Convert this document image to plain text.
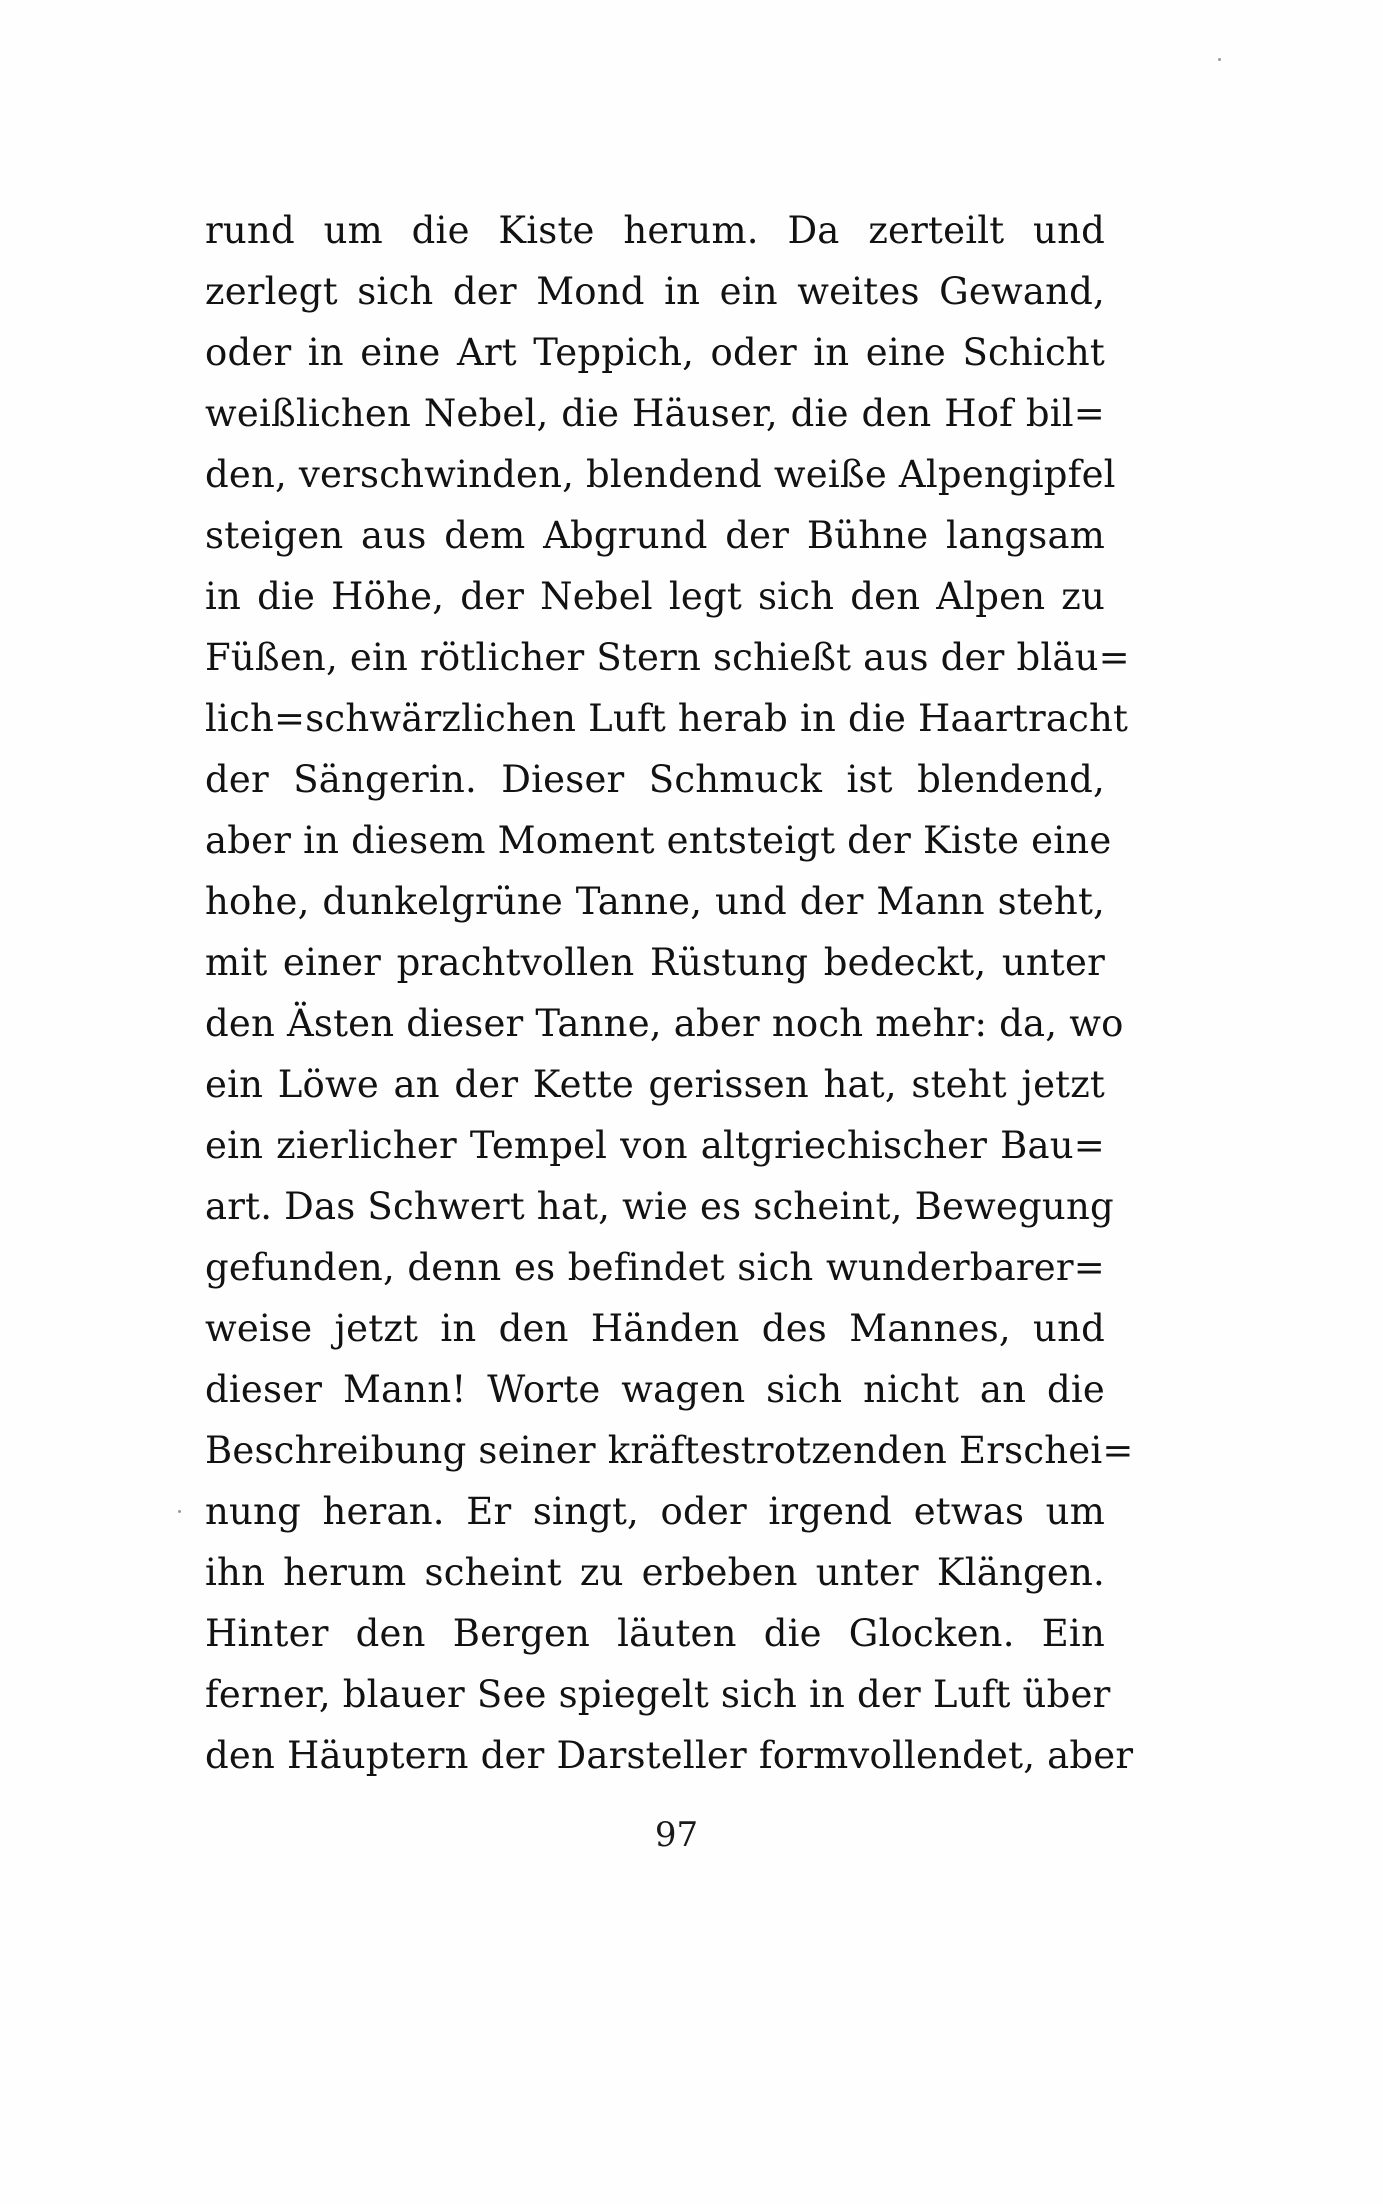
rund um die Kiste herum. Da zerteilt und
zerlegt sich der Mond in ein weites Gewand,
oder in eine Art Teppich, oder in eine Schicht
weißlichen Nebel, die Häuser, die den Hof bil=
den, verschwinden, blendend weiße Alpengipfel
steigen aus dem Abgrund der Bühne langsam
in die Höhe, der Nebel legt sich den Alpen zu
Füßen, ein rötlicher Stern schießt aus der bläu=
lich=schwärzlichen Luft herab in die Haartracht
der Sängerin. Dieser Schmuck ist blendend,
aber in diesem Moment entsteigt der Kiste eine
hohe, dunkelgrüne Tanne, und der Mann steht,
mit einer prachtvollen Rüstung bedeckt, unter
den Ästen dieser Tanne, aber noch mehr: da, wo
ein Löwe an der Kette gerissen hat, steht jetzt
ein zierlicher Tempel von altgriechischer Bau=
art. Das Schwert hat, wie es scheint, Bewegung
gefunden, denn es befindet sich wunderbarer=
weise jetzt in den Händen des Mannes, und
dieser Mann! Worte wagen sich nicht an die
Beschreibung seiner kräftestrotzenden Erschei=
nung heran. Er singt, oder irgend etwas um
ihn herum scheint zu erbeben unter Klängen.
Hinter den Bergen läuten die Glocken. Ein
ferner, blauer See spiegelt sich in der Luft über
den Häuptern der Darsteller formvollendet, aber
97
